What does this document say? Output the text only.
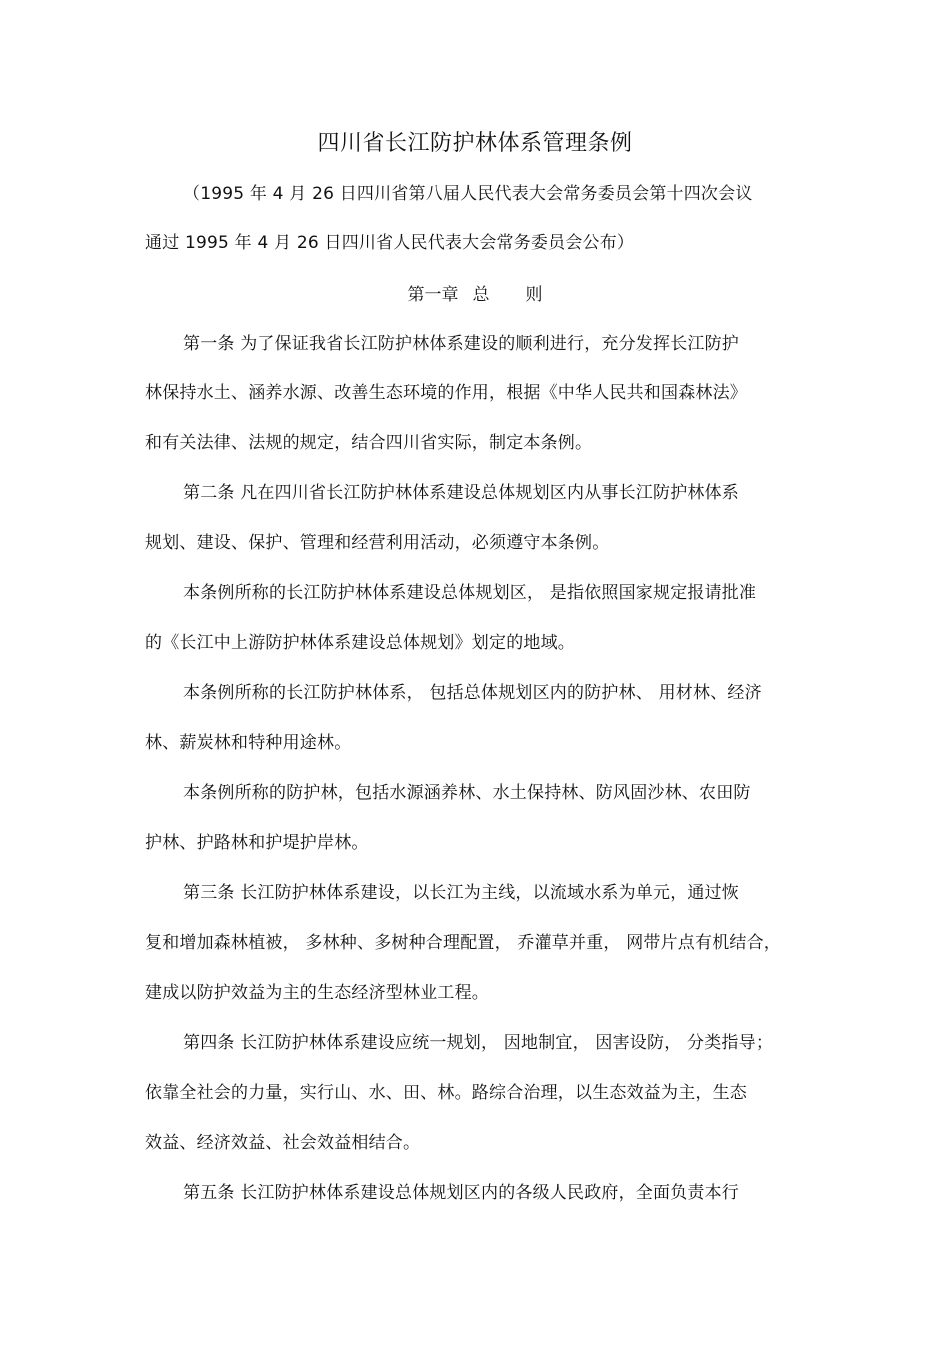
四川省长江防护林体系管理条例
（1995 年 4 月 26 日四川省第八届人民代表大会常务委员会第十四次会议
通过 1995 年 4 月 26 日四川省人民代表大会常务委员会公布）
第一章 总 则
第一条 为了保证我省长江防护林体系建设的顺利进行，充分发挥长江防护
林保持水土、涵养水源、改善生态环境的作用，根据《中华人民共和国森林法》
和有关法律、法规的规定，结合四川省实际，制定本条例。
第二条 凡在四川省长江防护林体系建设总体规划区内从事长江防护林体系
规划、建设、保护、管理和经营利用活动，必须遵守本条例。
本条例所称的长江防护林体系建设总体规划区， 是指依照国家规定报请批准
的《长江中上游防护林体系建设总体规划》划定的地域。
本条例所称的长江防护林体系， 包括总体规划区内的防护林、 用材林、经济
林、薪炭林和特种用途林。
本条例所称的防护林，包括水源涵养林、水土保持林、防风固沙林、农田防
护林、护路林和护堤护岸林。
第三条 长江防护林体系建设，以长江为主线，以流域水系为单元，通过恢
复和增加森林植被， 多林种、多树种合理配置， 乔灌草并重， 网带片点有机结合，
建成以防护效益为主的生态经济型林业工程。
第四条 长江防护林体系建设应统一规划， 因地制宜， 因害设防， 分类指导；
依靠全社会的力量，实行山、水、田、林。路综合治理，以生态效益为主，生态
效益、经济效益、社会效益相结合。
第五条 长江防护林体系建设总体规划区内的各级人民政府，全面负责本行
